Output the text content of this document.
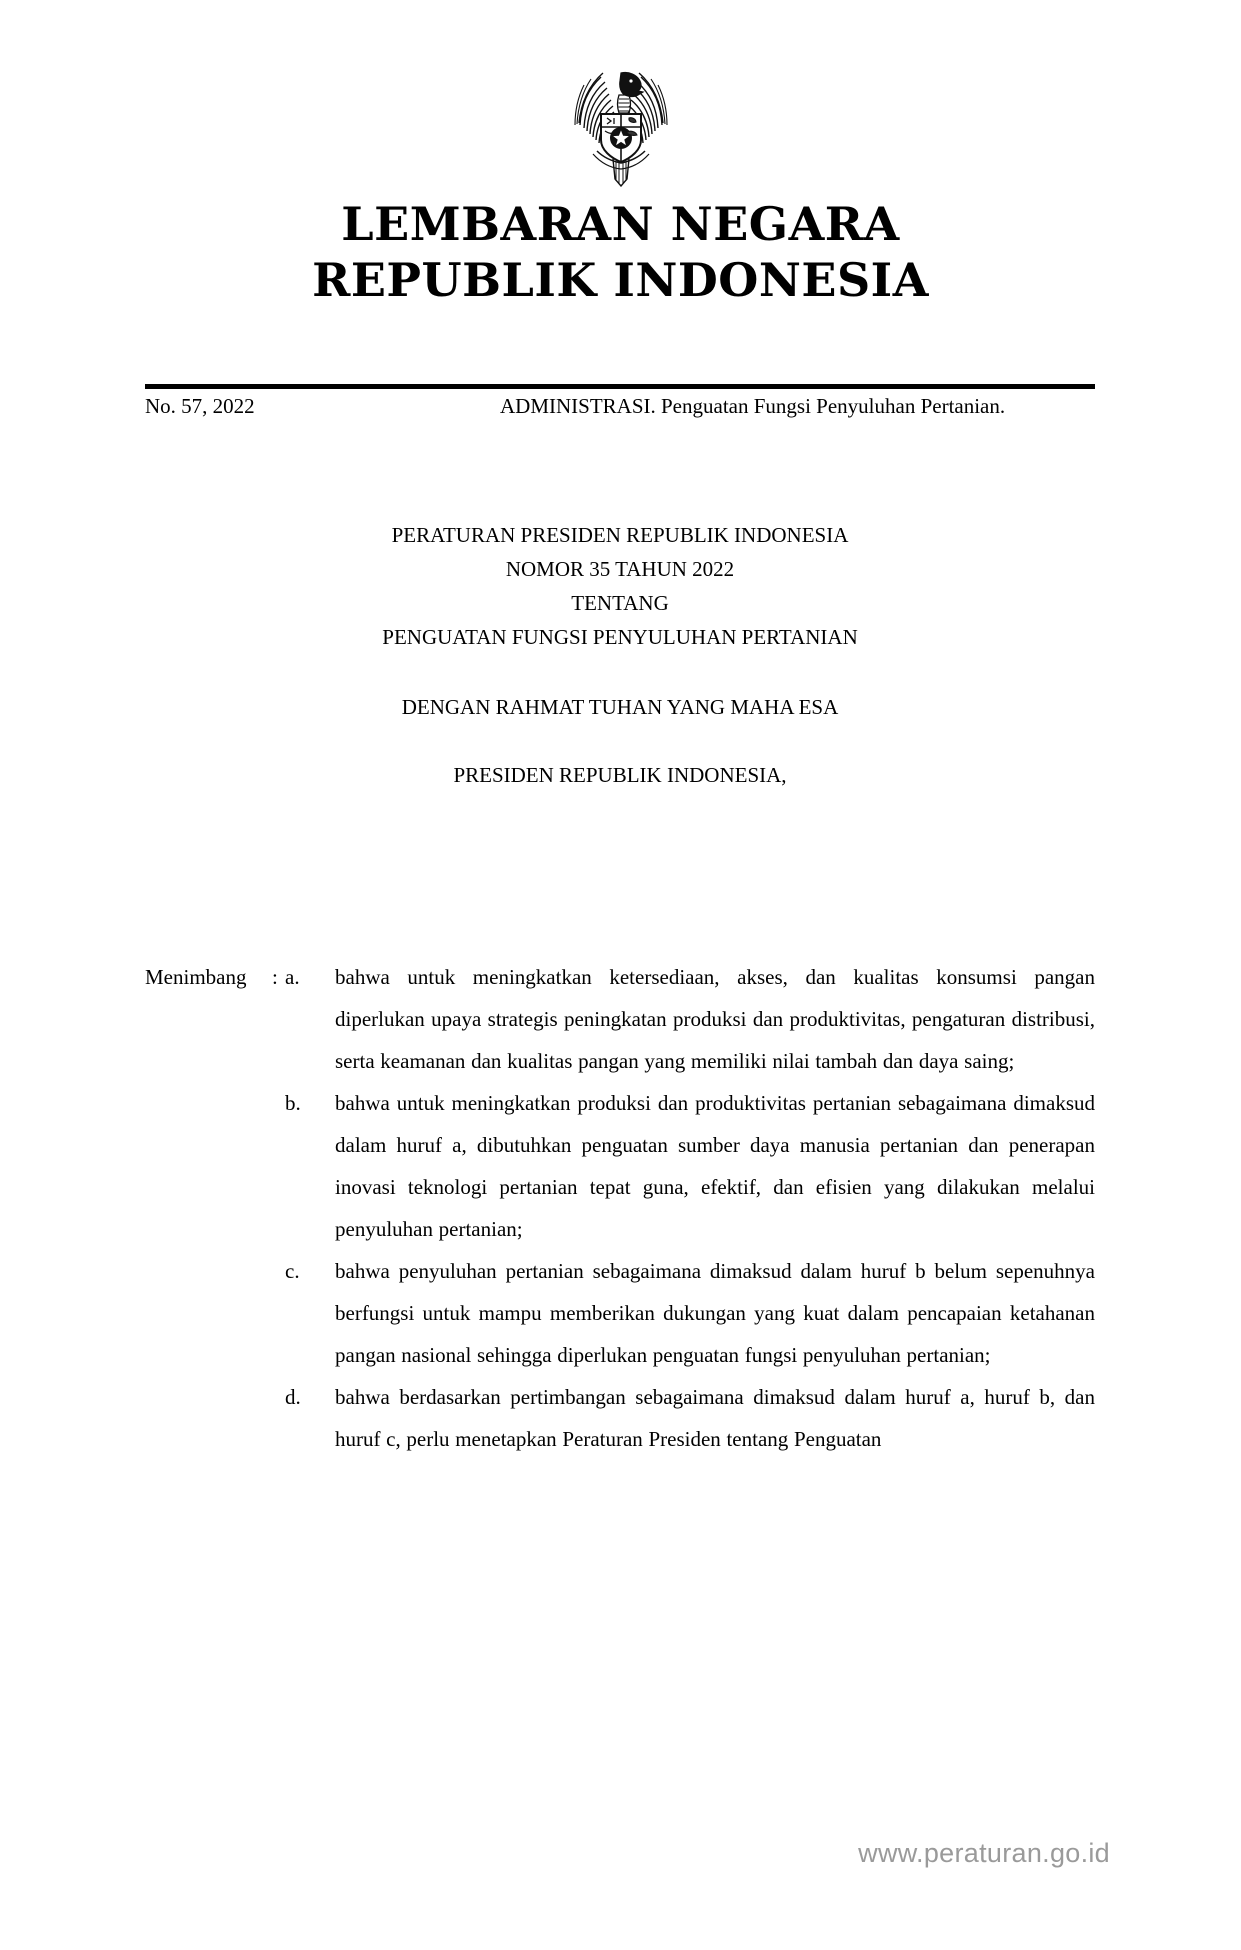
LEMBARAN NEGARA
REPUBLIK INDONESIA
No. 57, 2022	ADMINISTRASI. Penguatan Fungsi Penyuluhan Pertanian.
PERATURAN PRESIDEN REPUBLIK INDONESIA
NOMOR 35 TAHUN 2022
TENTANG
PENGUATAN FUNGSI PENYULUHAN PERTANIAN
DENGAN RAHMAT TUHAN YANG MAHA ESA
PRESIDEN REPUBLIK INDONESIA,
Menimbang	: a.	bahwa untuk meningkatkan ketersediaan, akses, dan kualitas konsumsi pangan diperlukan upaya strategis peningkatan produksi dan produktivitas, pengaturan distribusi, serta keamanan dan kualitas pangan yang memiliki nilai tambah dan daya saing;
b.	bahwa untuk meningkatkan produksi dan produktivitas pertanian sebagaimana dimaksud dalam huruf a, dibutuhkan penguatan sumber daya manusia pertanian dan penerapan inovasi teknologi pertanian tepat guna, efektif, dan efisien yang dilakukan melalui penyuluhan pertanian;
c.	bahwa penyuluhan pertanian sebagaimana dimaksud dalam huruf b belum sepenuhnya berfungsi untuk mampu memberikan dukungan yang kuat dalam pencapaian ketahanan pangan nasional sehingga diperlukan penguatan fungsi penyuluhan pertanian;
d.	bahwa berdasarkan pertimbangan sebagaimana dimaksud dalam huruf a, huruf b, dan huruf c, perlu menetapkan Peraturan Presiden tentang Penguatan
www.peraturan.go.id
